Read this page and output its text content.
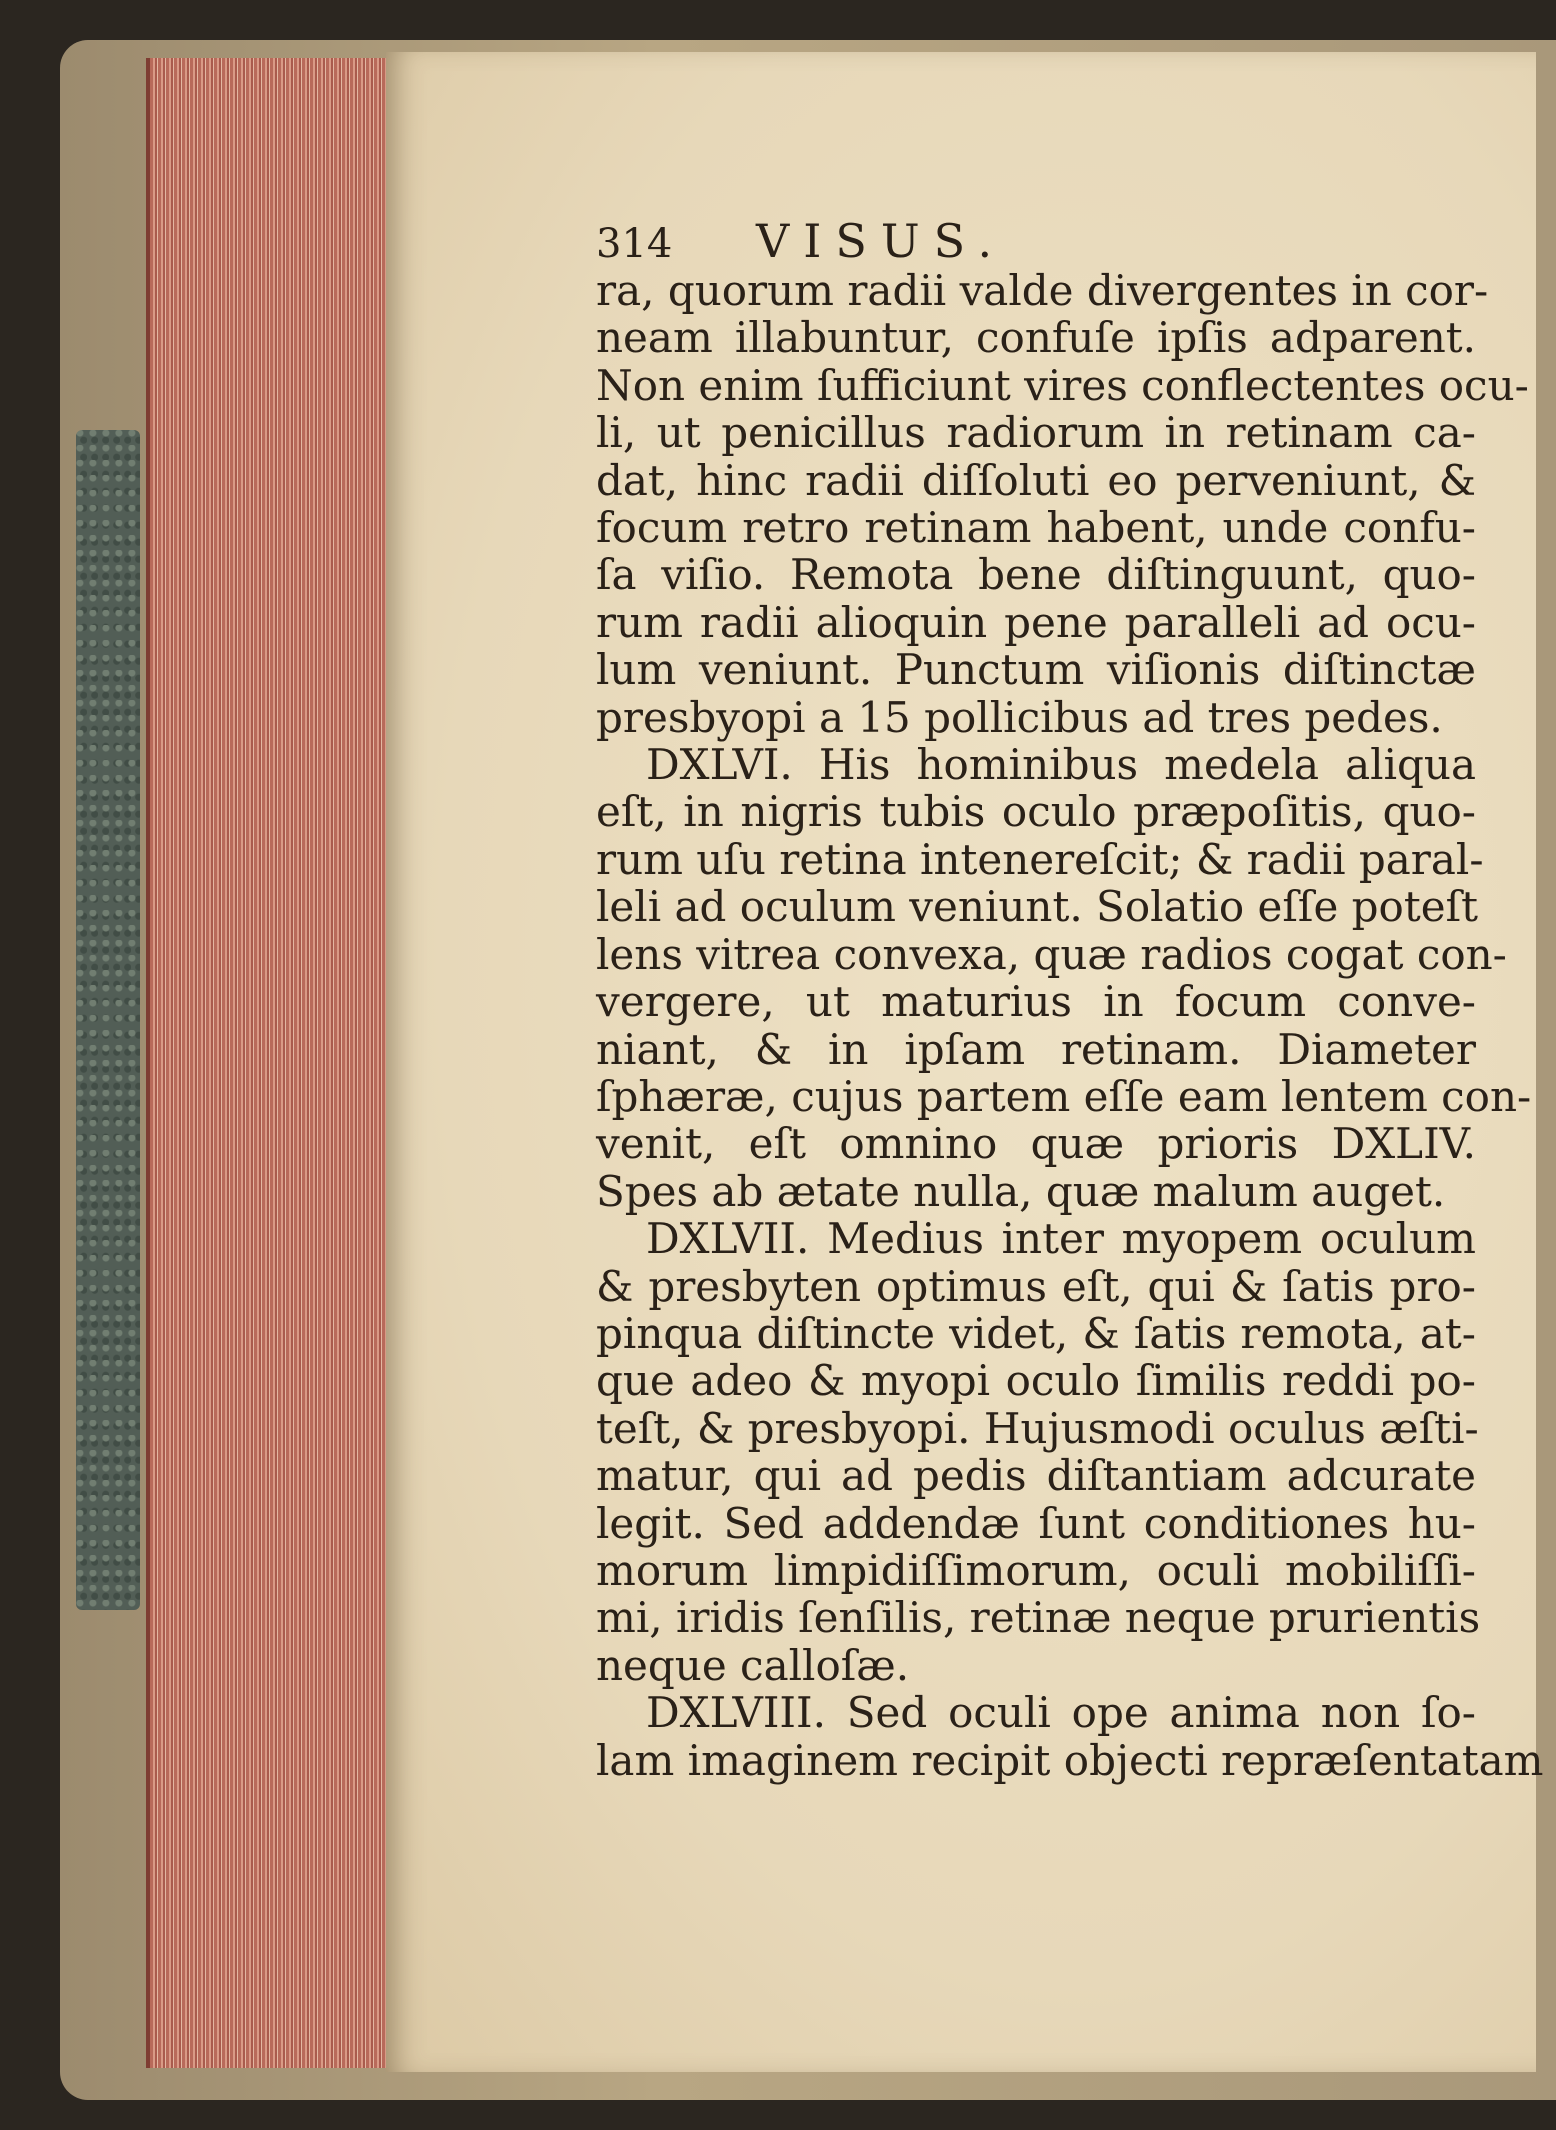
314	VISUS.
ra, quorum radii valde divergentes in cor-
neam illabuntur, confuſe ipſis adparent.
Non enim ſufficiunt vires conflectentes ocu-
li, ut penicillus radiorum in retinam ca-
dat, hinc radii diſſoluti eo perveniunt, &
focum retro retinam habent, unde confu-
ſa viſio. Remota bene diſtinguunt, quo-
rum radii alioquin pene paralleli ad ocu-
lum veniunt. Punctum viſionis diſtinctæ
presbyopi a 15 pollicibus ad tres pedes.
DXLVI. His hominibus medela aliqua
eſt, in nigris tubis oculo præpoſitis, quo-
rum uſu retina intenereſcit; & radii paral-
leli ad oculum veniunt. Solatio eſſe poteſt
lens vitrea convexa, quæ radios cogat con-
vergere, ut maturius in focum conve-
niant, & in ipſam retinam. Diameter
ſphæræ, cujus partem eſſe eam lentem con-
venit, eſt omnino quæ prioris DXLIV.
Spes ab ætate nulla, quæ malum auget.
DXLVII. Medius inter myopem oculum
& presbyten optimus eſt, qui & ſatis pro-
pinqua diſtincte videt, & ſatis remota, at-
que adeo & myopi oculo ſimilis reddi po-
teſt, & presbyopi. Hujusmodi oculus æſti-
matur, qui ad pedis diſtantiam adcurate
legit. Sed addendæ ſunt conditiones hu-
morum limpidiſſimorum, oculi mobiliſſi-
mi, iridis ſenſilis, retinæ neque prurientis
neque calloſæ.
DXLVIII. Sed oculi ope anima non ſo-
lam imaginem recipit objecti repræſentatam
